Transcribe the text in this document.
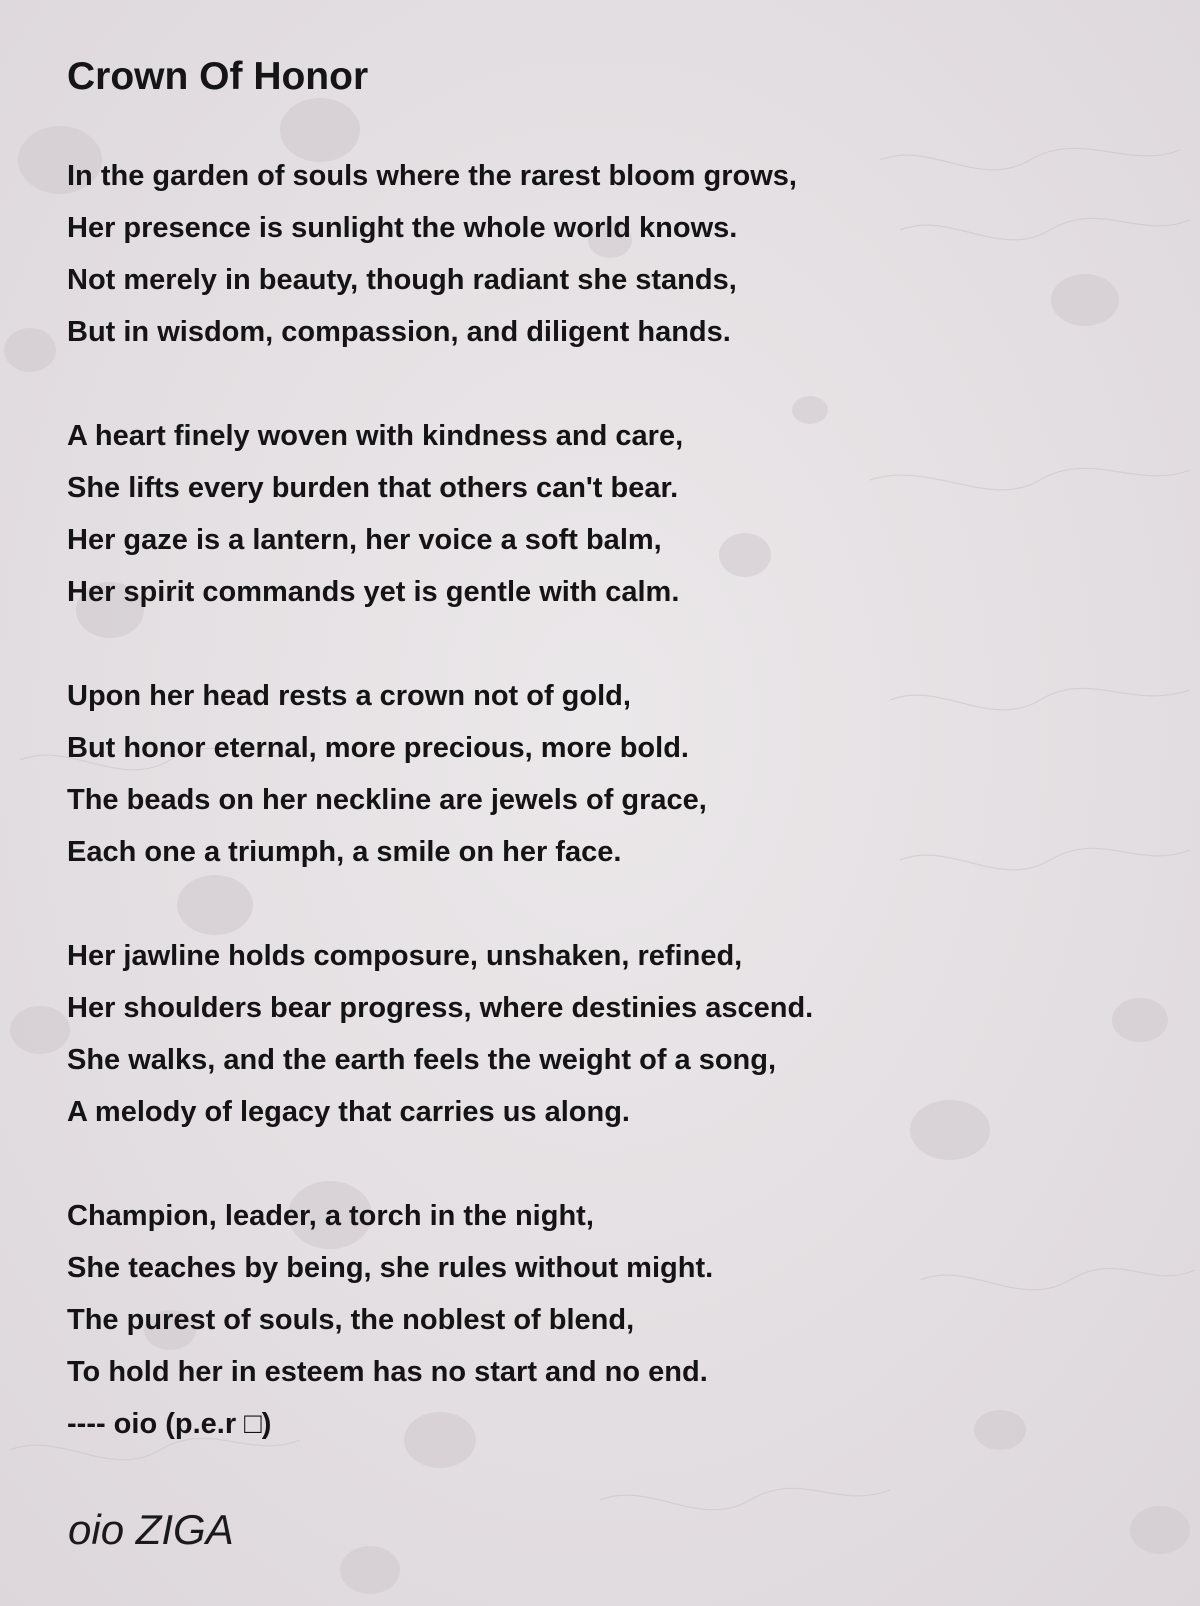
Crown Of Honor
In the garden of souls where the rarest bloom grows,
Her presence is sunlight the whole world knows.
Not merely in beauty, though radiant she stands,
But in wisdom, compassion, and diligent hands.
A heart finely woven with kindness and care,
She lifts every burden that others can't bear.
Her gaze is a lantern, her voice a soft balm,
Her spirit commands yet is gentle with calm.
Upon her head rests a crown not of gold,
But honor eternal, more precious, more bold.
The beads on her neckline are jewels of grace,
Each one a triumph, a smile on her face.
Her jawline holds composure, unshaken, refined,
Her shoulders bear progress, where destinies ascend.
She walks, and the earth feels the weight of a song,
A melody of legacy that carries us along.
Champion, leader, a torch in the night,
She teaches by being, she rules without might.
The purest of souls, the noblest of blend,
To hold her in esteem has no start and no end.
---- oio (p.e.r □)
oio ZIGA
